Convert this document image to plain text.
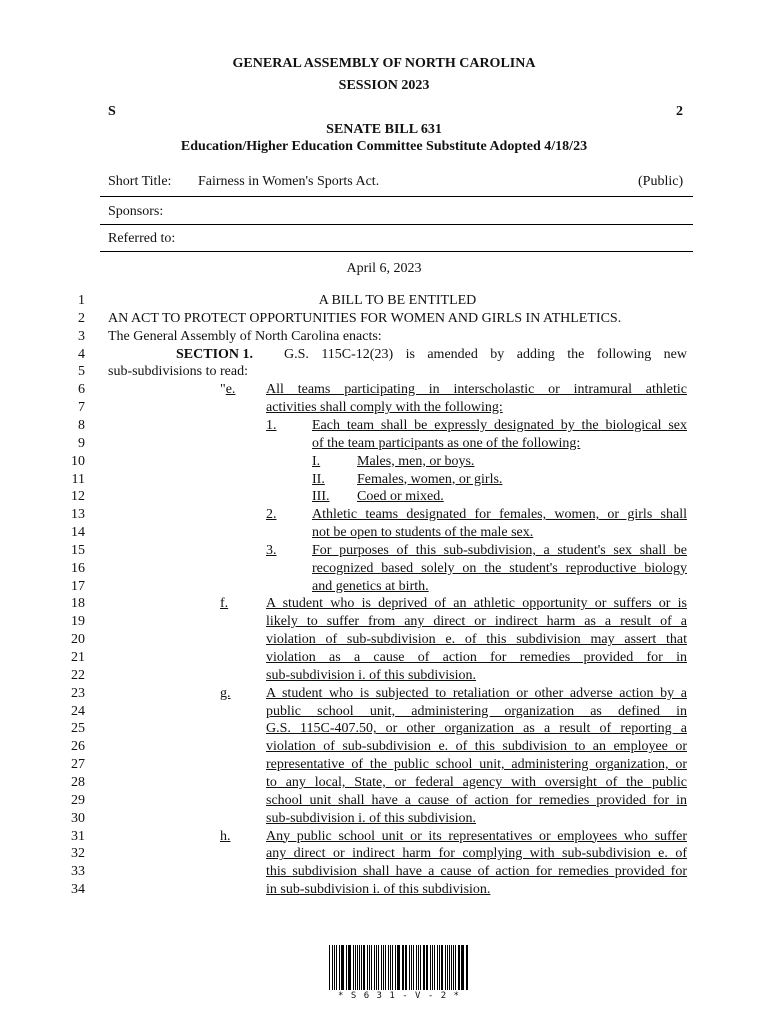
GENERAL ASSEMBLY OF NORTH CAROLINA
SESSION 2023
S	2
SENATE BILL 631
Education/Higher Education Committee Substitute Adopted 4/18/23
Short Title: Fairness in Women's Sports Act.	(Public)
Sponsors:
Referred to:
April 6, 2023
1	A BILL TO BE ENTITLED
2 AN ACT TO PROTECT OPPORTUNITIES FOR WOMEN AND GIRLS IN ATHLETICS.
3 The General Assembly of North Carolina enacts:
4	SECTION 1. G.S. 115C-12(23) is amended by adding the following new
5 sub-subdivisions to read:
6	"e. All teams participating in interscholastic or intramural athletic
7	activities shall comply with the following:
8	1.	Each team shall be expressly designated by the biological sex
9	of the team participants as one of the following:
10	I.	Males, men, or boys.
11	II. Females, women, or girls.
12	III. Coed or mixed.
13	2.	Athletic teams designated for females, women, or girls shall
14	not be open to students of the male sex.
15	3.	For purposes of this sub-subdivision, a student's sex shall be
16	recognized based solely on the student's reproductive biology
17	and genetics at birth.
18	f.	A student who is deprived of an athletic opportunity or suffers or is
19	likely to suffer from any direct or indirect harm as a result of a
20	violation of sub-subdivision e. of this subdivision may assert that
21	violation as a cause of action for remedies provided for in
22	sub-subdivision i. of this subdivision.
23	g.	A student who is subjected to retaliation or other adverse action by a
24	public school unit, administering organization as defined in
25	G.S. 115C-407.50, or other organization as a result of reporting a
26	violation of sub-subdivision e. of this subdivision to an employee or
27	representative of the public school unit, administering organization, or
28	to any local, State, or federal agency with oversight of the public
29	school unit shall have a cause of action for remedies provided for in
30	sub-subdivision i. of this subdivision.
31	h.	Any public school unit or its representatives or employees who suffer
32	any direct or indirect harm for complying with sub-subdivision e. of
33	this subdivision shall have a cause of action for remedies provided for
34	in sub-subdivision i. of this subdivision.
* S 6 3 1 - V - 2 *
